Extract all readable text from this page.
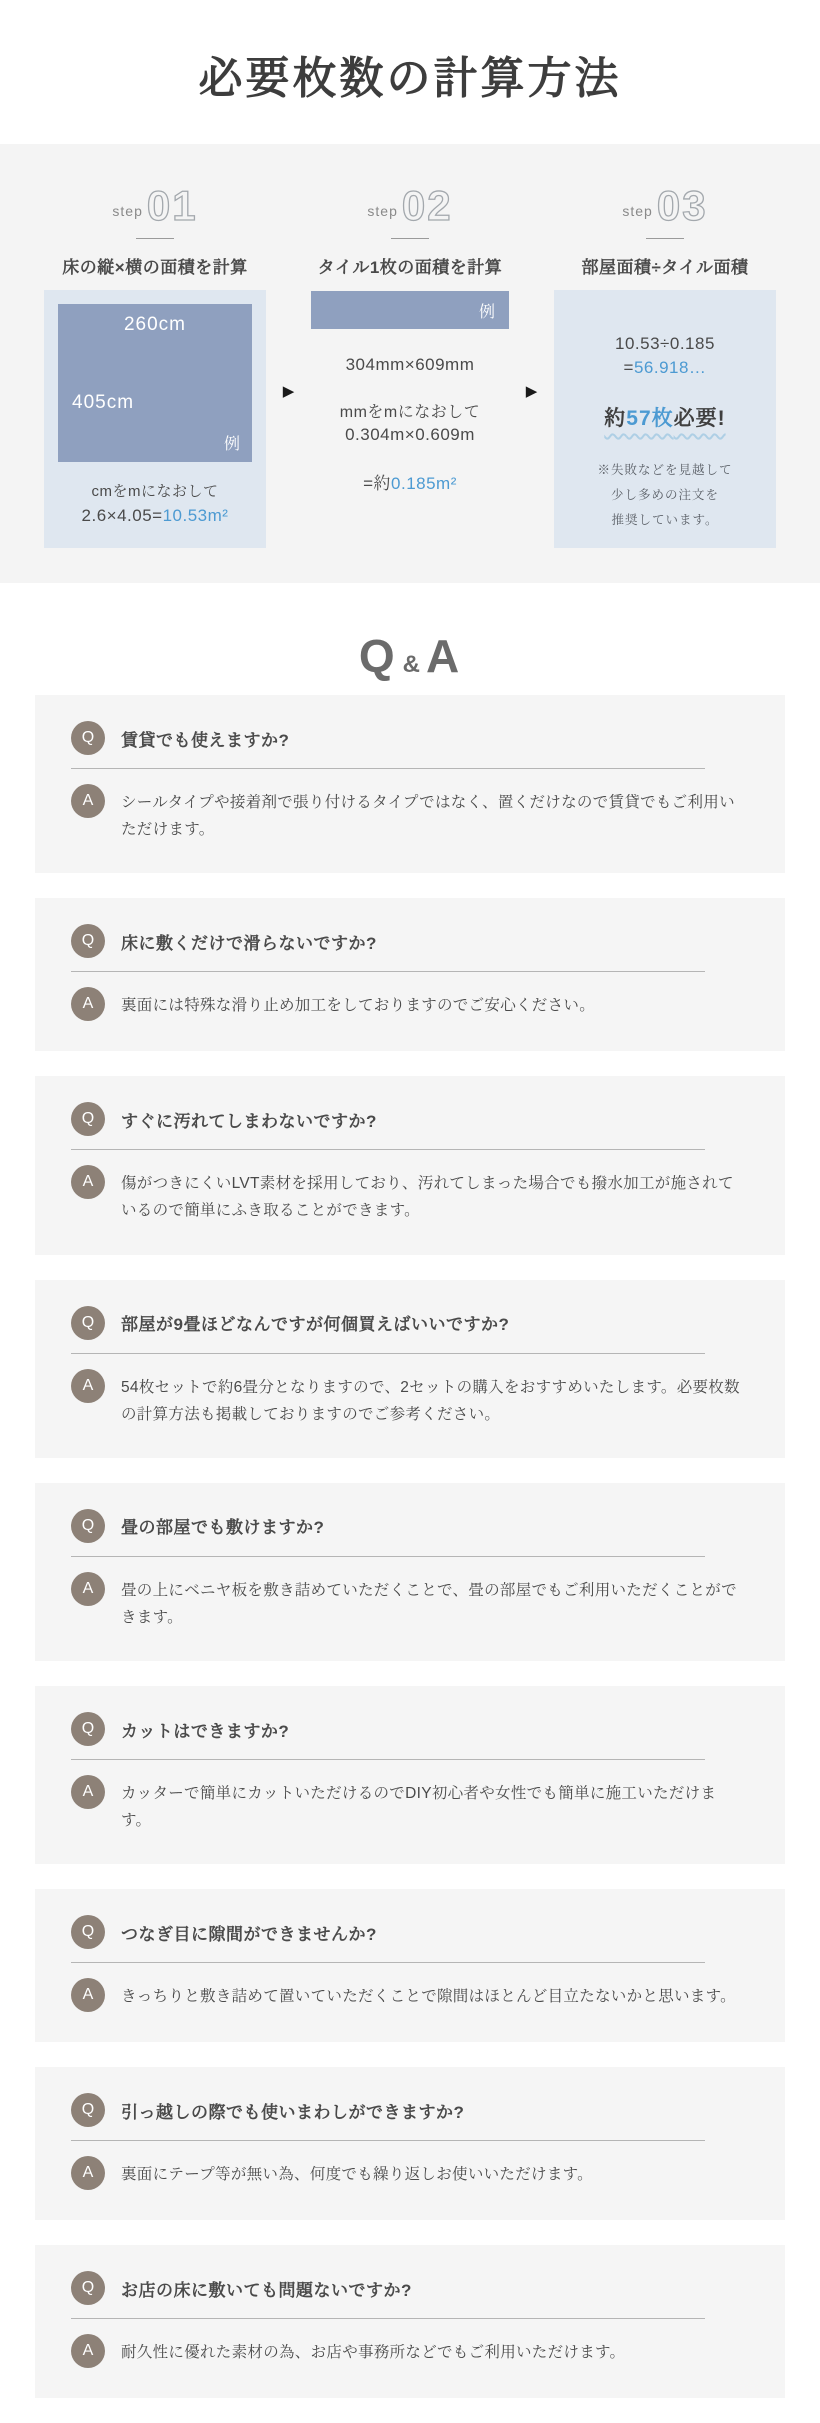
必要枚数の計算方法
step 01
床の縦×横の面積を計算
260cm
405cm
例

cmをmになおして

2.6×4.05=10.53m²

▶
step 02
タイル1枚の面積を計算
例

304mm×609mm

mmをmになおして

0.304m×0.609m

=約0.185m²

▶
step 03
部屋面積÷タイル面積

10.53÷0.185

=56.918…

約57枚必要!

※失敗などを見越して
少し多めの注文を
推奨しています。

Q & A
Q	賃貸でも使えますか?
A	シールタイプや接着剤で張り付けるタイプではなく、置くだけなので賃貸でもご利用いただけます。

Q	床に敷くだけで滑らないですか?
A	裏面には特殊な滑り止め加工をしておりますのでご安心ください。

Q	すぐに汚れてしまわないですか?
A	傷がつきにくいLVT素材を採用しており、汚れてしまった場合でも撥水加工が施されているので簡単にふき取ることができます。

Q	部屋が9畳ほどなんですが何個買えばいいですか?
A	54枚セットで約6畳分となりますので、2セットの購入をおすすめいたします。必要枚数の計算方法も掲載しておりますのでご参考ください。

Q	畳の部屋でも敷けますか?
A	畳の上にベニヤ板を敷き詰めていただくことで、畳の部屋でもご利用いただくことができます。

Q	カットはできますか?
A	カッターで簡単にカットいただけるのでDIY初心者や女性でも簡単に施工いただけます。

Q	つなぎ目に隙間ができませんか?
A	きっちりと敷き詰めて置いていただくことで隙間はほとんど目立たないかと思います。

Q	引っ越しの際でも使いまわしができますか?
A	裏面にテープ等が無い為、何度でも繰り返しお使いいただけます。

Q	お店の床に敷いても問題ないですか?
A	耐久性に優れた素材の為、お店や事務所などでもご利用いただけます。
